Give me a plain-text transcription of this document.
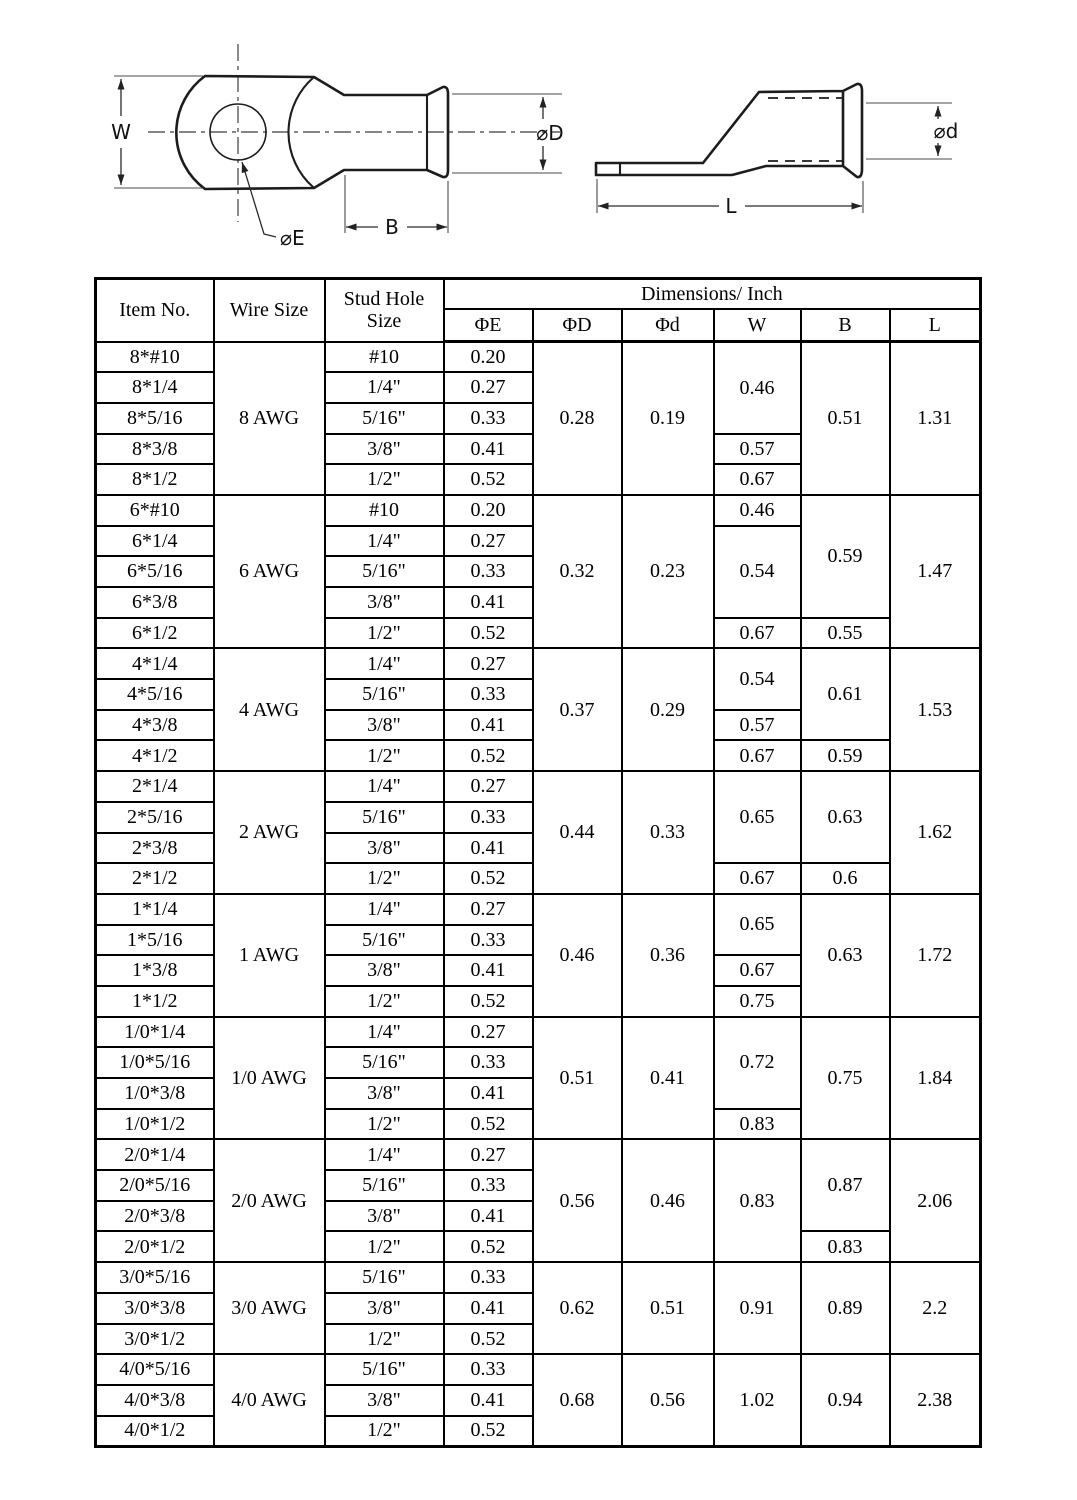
W	⌀D
B
⌀E
⌀d
L
Item No.	Wire Size	Stud Hole Size	Dimensions/ Inch					
			ΦE	ΦD	Φd	W	B	L
8*#10	8 AWG	#10	0.20	0.28	0.19	0.46	0.51	1.31
8*1/4		1/4"	0.27					
8*5/16		5/16"	0.33					
8*3/8		3/8"	0.41			0.57		
8*1/2		1/2"	0.52			0.67		
6*#10	6 AWG	#10	0.20	0.32	0.23	0.46	0.59	1.47
6*1/4		1/4"	0.27			0.54		
6*5/16		5/16"	0.33					
6*3/8		3/8"	0.41					
6*1/2		1/2"	0.52			0.67	0.55	
4*1/4	4 AWG	1/4"	0.27	0.37	0.29	0.54	0.61	1.53
4*5/16		5/16"	0.33					
4*3/8		3/8"	0.41			0.57		
4*1/2		1/2"	0.52			0.67	0.59	
2*1/4	2 AWG	1/4"	0.27	0.44	0.33	0.65	0.63	1.62
2*5/16		5/16"	0.33					
2*3/8		3/8"	0.41					
2*1/2		1/2"	0.52			0.67	0.6	
1*1/4	1 AWG	1/4"	0.27	0.46	0.36	0.65	0.63	1.72
1*5/16		5/16"	0.33					
1*3/8		3/8"	0.41			0.67		
1*1/2		1/2"	0.52			0.75		
1/0*1/4	1/0 AWG	1/4"	0.27	0.51	0.41	0.72	0.75	1.84
1/0*5/16		5/16"	0.33					
1/0*3/8		3/8"	0.41					
1/0*1/2		1/2"	0.52			0.83		
2/0*1/4	2/0 AWG	1/4"	0.27	0.56	0.46	0.83	0.87	2.06
2/0*5/16		5/16"	0.33					
2/0*3/8		3/8"	0.41					
2/0*1/2		1/2"	0.52				0.83	
3/0*5/16	3/0 AWG	5/16"	0.33	0.62	0.51	0.91	0.89	2.2
3/0*3/8		3/8"	0.41					
3/0*1/2		1/2"	0.52					
4/0*5/16	4/0 AWG	5/16"	0.33	0.68	0.56	1.02	0.94	2.38
4/0*3/8		3/8"	0.41					
4/0*1/2		1/2"	0.52					
